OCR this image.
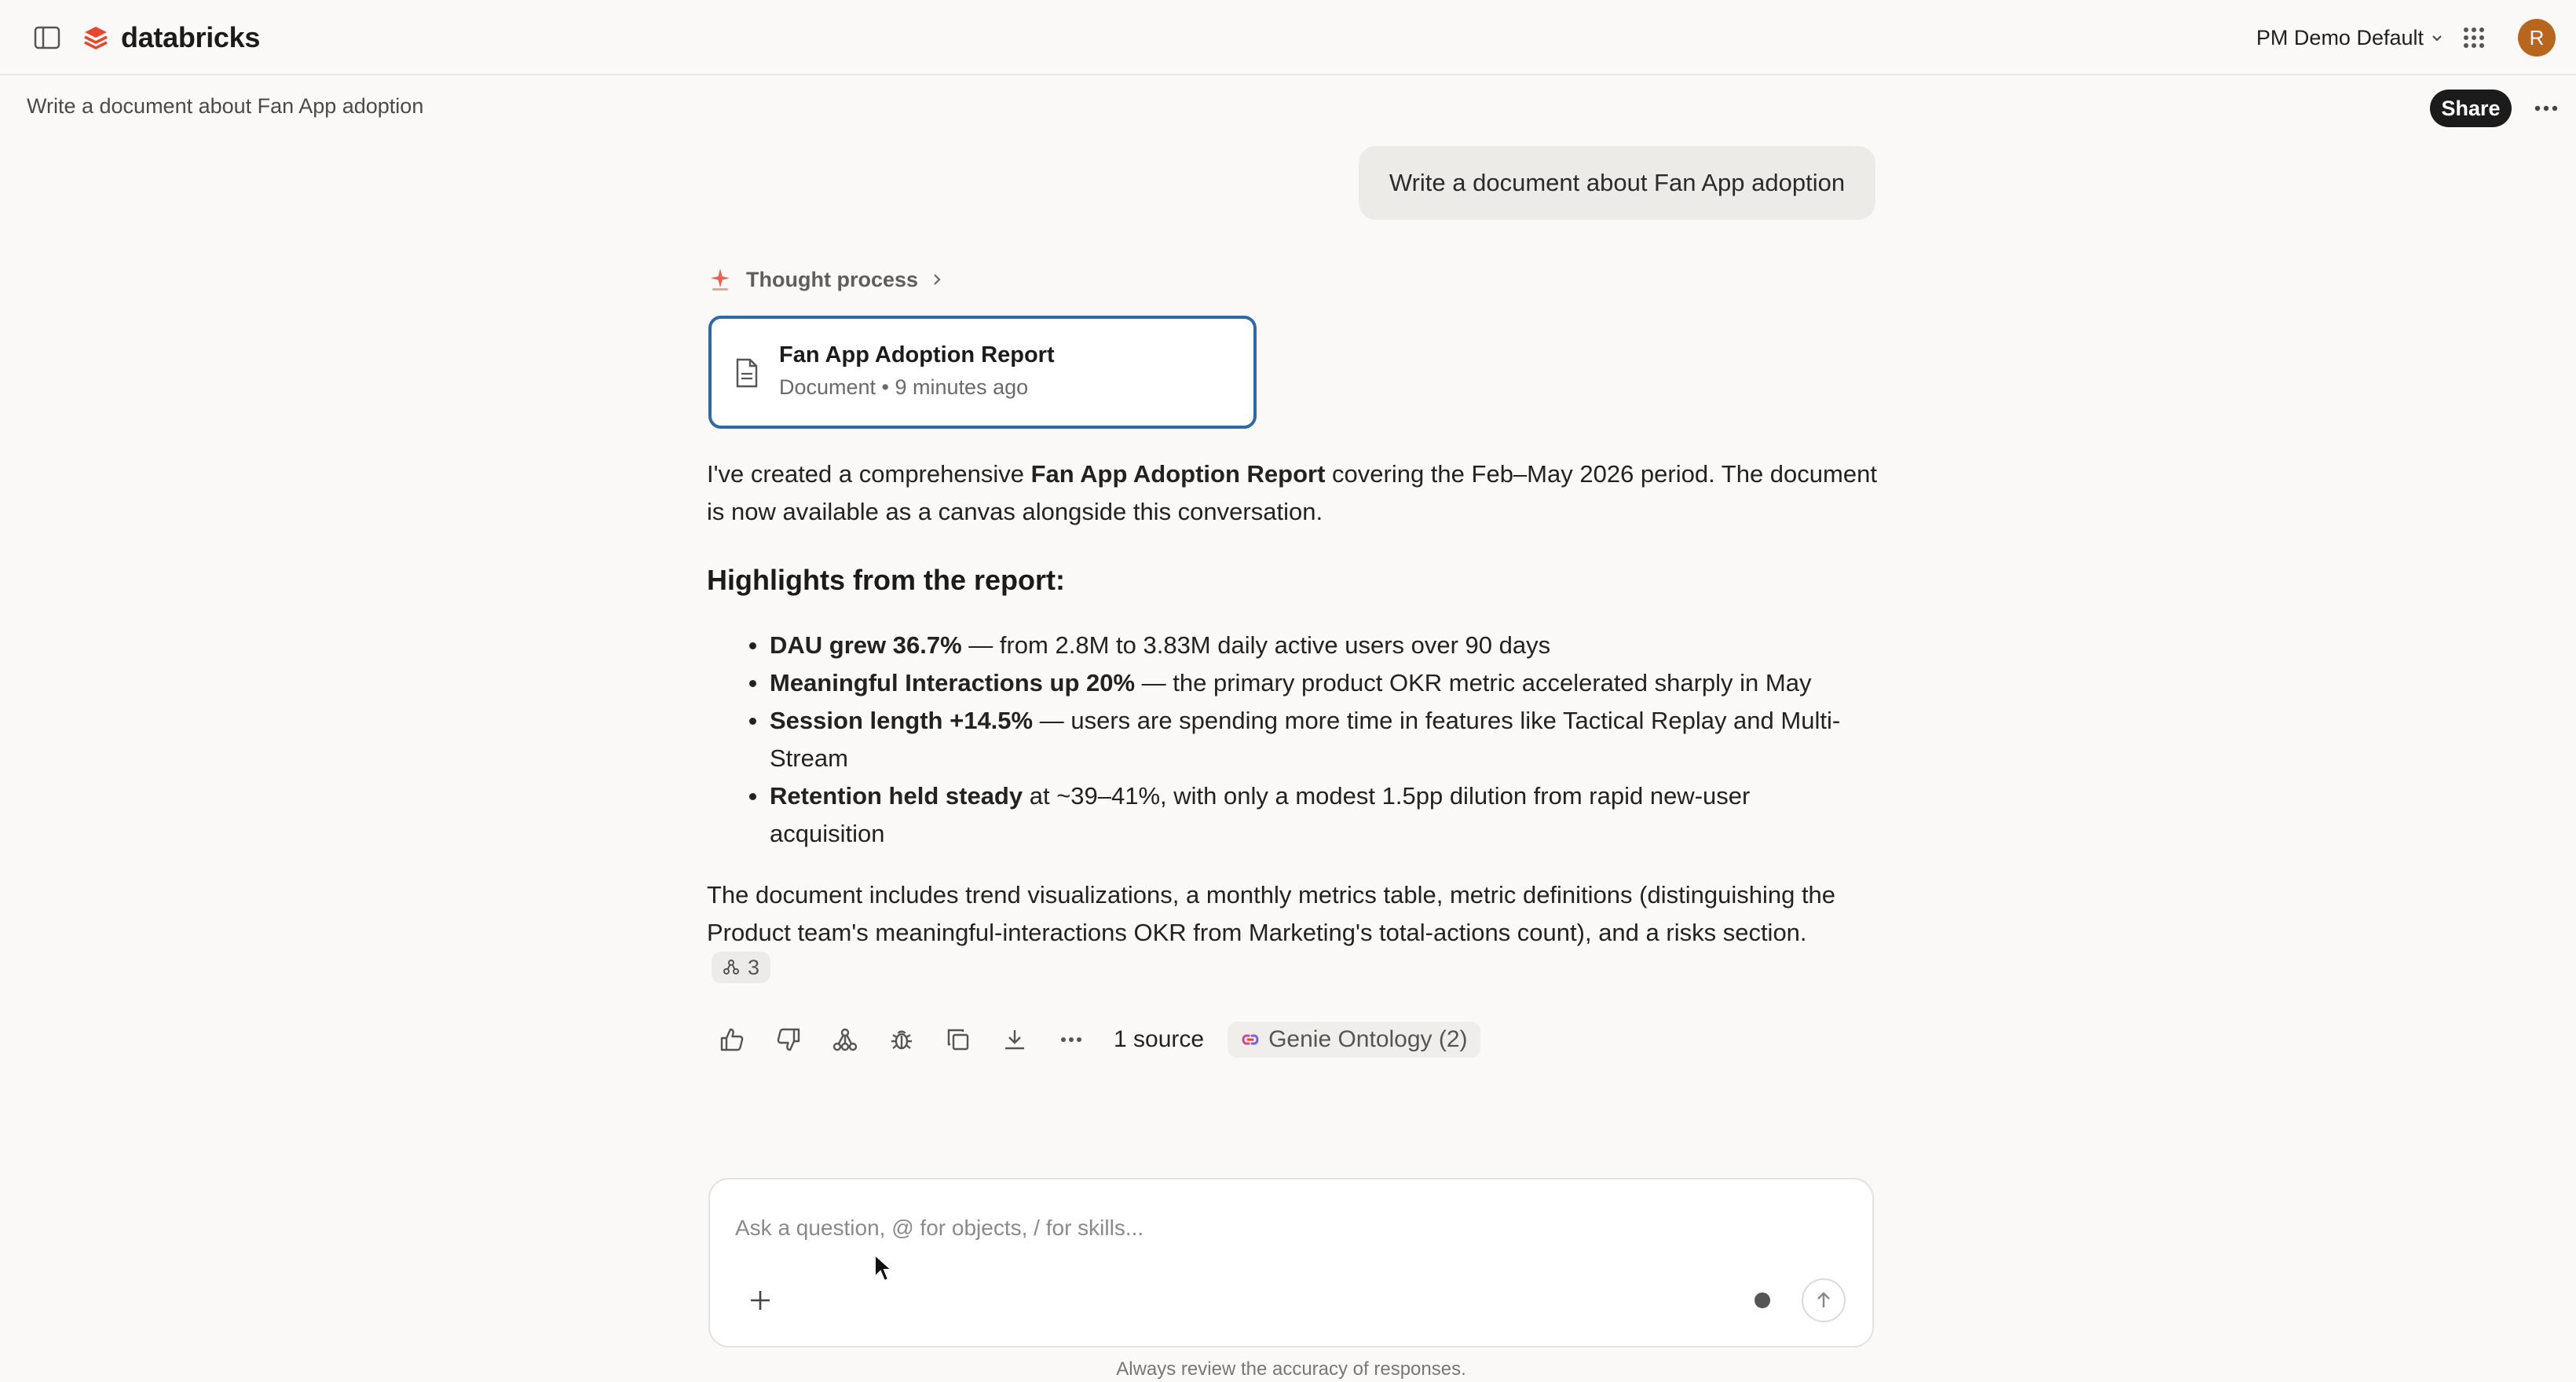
databricks	PM Demo Default	R
Write a document about Fan App adoption	Share
Write a document about Fan App adoption
Thought process
Fan App Adoption Report
Document • 9 minutes ago
I've created a comprehensive Fan App Adoption Report covering the Feb–May 2026 period. The document is now available as a canvas alongside this conversation.
Highlights from the report:
DAU grew 36.7% — from 2.8M to 3.83M daily active users over 90 days
Meaningful Interactions up 20% — the primary product OKR metric accelerated sharply in May
Session length +14.5% — users are spending more time in features like Tactical Replay and Multi-Stream
Retention held steady at ~39–41%, with only a modest 1.5pp dilution from rapid new-user acquisition
The document includes trend visualizations, a monthly metrics table, metric definitions (distinguishing the Product team's meaningful-interactions OKR from Marketing's total-actions count), and a risks section.
3
1 source	Genie Ontology (2)
Ask a question, @ for objects, / for skills...
Always review the accuracy of responses.
